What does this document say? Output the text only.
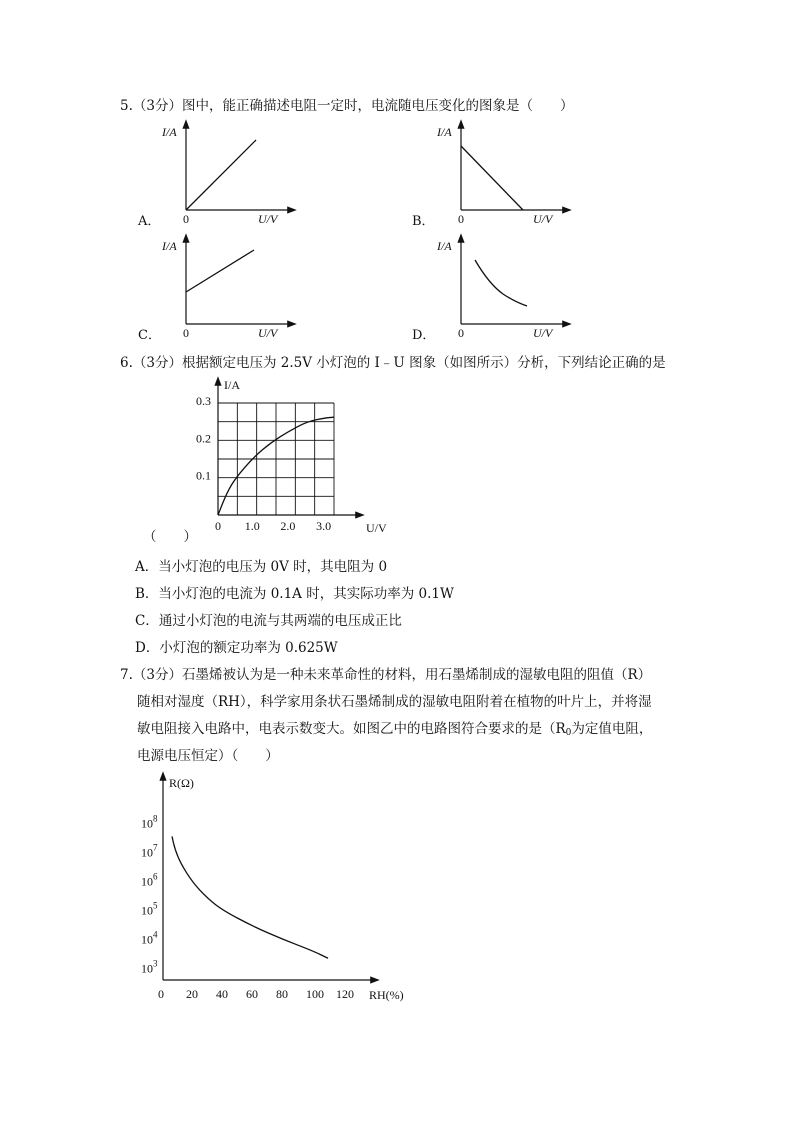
5.（3分）图中，能正确描述电阻一定时，电流随电压变化的图象是（　　）
I/A
U/V
0
A．
I/A
U/V
0
B．
I/A
U/V
0
C．
I/A
U/V
0
D．
6.（3分）根据额定电压为 2.5V 小灯泡的 I﹣U 图象（如图所示）分析，下列结论正确的是
I/A
U/V
0 1.0 2.0 3.0
0.1
0.2
0.3
（　　）
A．当小灯泡的电压为 0V 时，其电阻为 0
B．当小灯泡的电流为 0.1A 时，其实际功率为 0.1W
C．通过小灯泡的电流与其两端的电压成正比
D．小灯泡的额定功率为 0.625W
7.（3分）石墨烯被认为是一种未来革命性的材料，用石墨烯制成的湿敏电阻的阻值（R）
随相对湿度（RH），科学家用条状石墨烯制成的湿敏电阻附着在植物的叶片上，并将湿
敏电阻接入电路中，电表示数变大。如图乙中的电路图符合要求的是（$R_0$为定值电阻，
电源电压恒定）（　　）
R(Ω)
RH(%)
0 20 40 60 80 100 120
$10^3$
$10^4$
$10^5$
$10^6$
$10^7$
$10^8$
